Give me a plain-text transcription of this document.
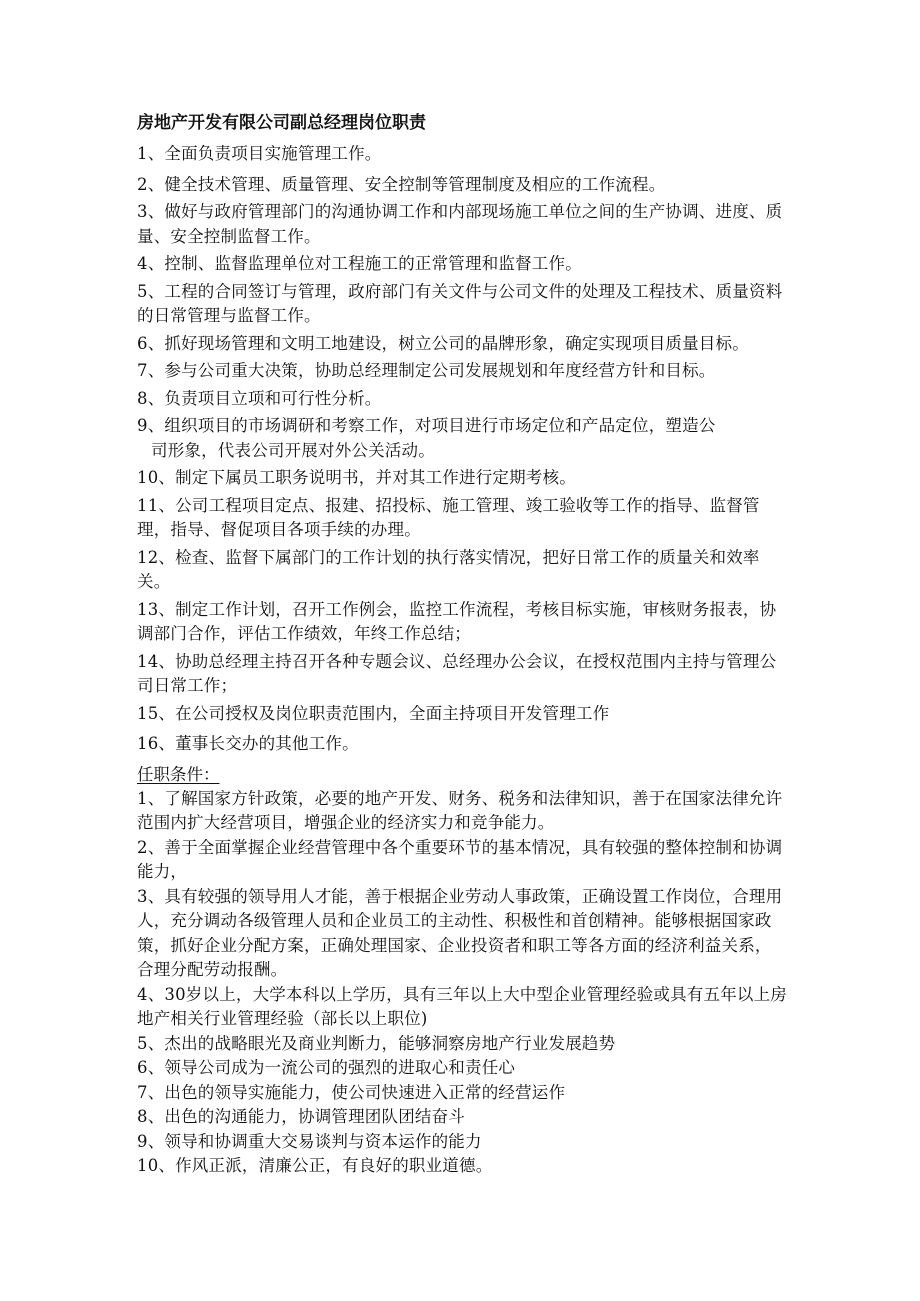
房地产开发有限公司副总经理岗位职责

1、全面负责项目实施管理工作。

2、健全技术管理、质量管理、安全控制等管理制度及相应的工作流程。

3、做好与政府管理部门的沟通协调工作和内部现场施工单位之间的生产协调、进度、质量、安全控制监督工作。

4、控制、监督监理单位对工程施工的正常管理和监督工作。

5、工程的合同签订与管理，政府部门有关文件与公司文件的处理及工程技术、质量资料的日常管理与监督工作。

6、抓好现场管理和文明工地建设，树立公司的晶牌形象，确定实现项目质量目标。

7、参与公司重大决策，协助总经理制定公司发展规划和年度经营方针和目标。

8、负责项目立项和可行性分析。

9、组织项目的市场调研和考察工作，对项目进行市场定位和产品定位，塑造公

司形象，代表公司开展对外公关活动。

10、制定下属员工职务说明书，并对其工作进行定期考核。

11、公司工程项目定点、报建、招投标、施工管理、竣工验收等工作的指导、监督管理，指导、督促项目各项手续的办理。

12、检查、监督下属部门的工作计划的执行落实情况，把好日常工作的质量关和效率关。

13、制定工作计划，召开工作例会，监控工作流程，考核目标实施，审核财务报表，协调部门合作，评估工作绩效，年终工作总结；

14、协助总经理主持召开各种专题会议、总经理办公会议，在授权范围内主持与管理公司日常工作；

15、在公司授权及岗位职责范围内，全面主持项目开发管理工作

16、董事长交办的其他工作。

任职条件：

1、了解国家方针政策，必要的地产开发、财务、税务和法律知识，善于在国家法律允许范围内扩大经营项目，增强企业的经济实力和竞争能力。

2、善于全面掌握企业经营管理中各个重要环节的基本情况，具有较强的整体控制和协调能力，

3、具有较强的领导用人才能，善于根据企业劳动人事政策，正确设置工作岗位，合理用人，充分调动各级管理人员和企业员工的主动性、积极性和首创精神。能够根据国家政策，抓好企业分配方案，正确处理国家、企业投资者和职工等各方面的经济利益关系，合理分配劳动报酬。

4、30岁以上，大学本科以上学历，具有三年以上大中型企业管理经验或具有五年以上房地产相关行业管理经验（部长以上职位)

5、杰出的战略眼光及商业判断力，能够洞察房地产行业发展趋势

6、领导公司成为一流公司的强烈的进取心和责任心

7、出色的领导实施能力，使公司快速进入正常的经营运作

8、出色的沟通能力，协调管理团队团结奋斗

9、领导和协调重大交易谈判与资本运作的能力

10、作风正派，清廉公正，有良好的职业道德。
